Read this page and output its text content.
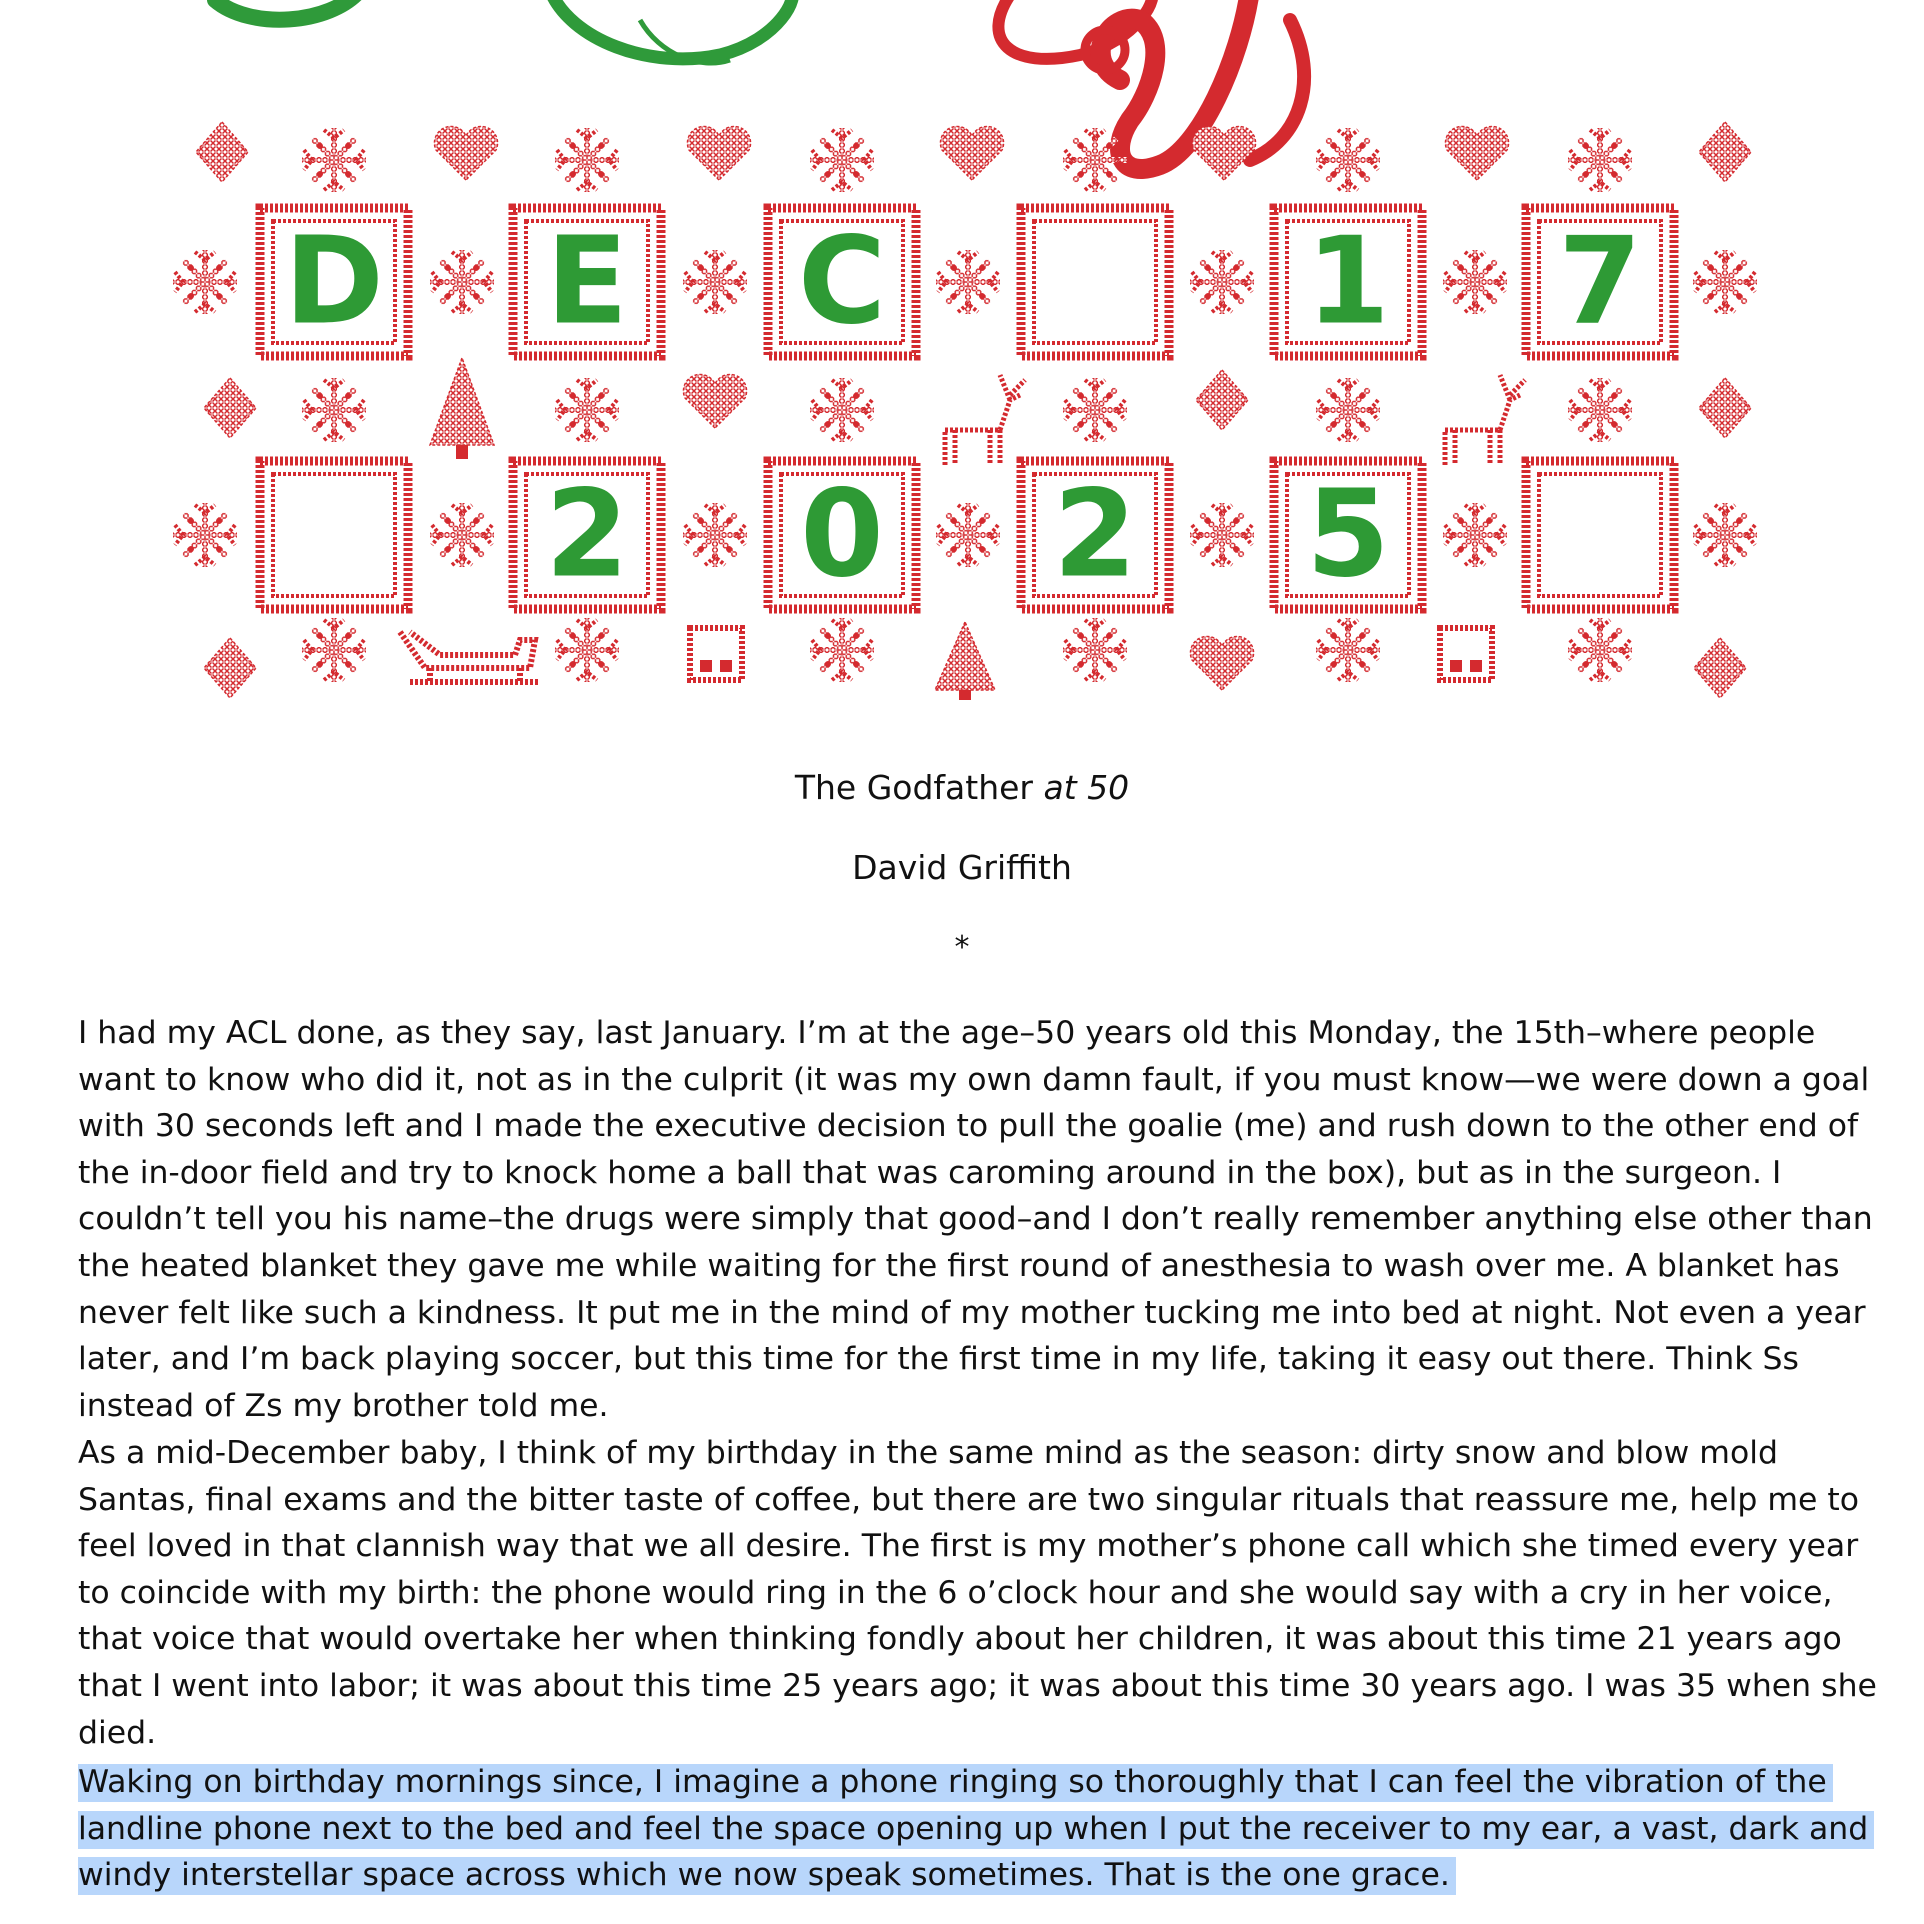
D E C	1 7
2 0 2 5
The Godfather at 50
David Griffith
*
I had my ACL done, as they say, last January. I’m at the age–50 years old this Monday, the 15th–where people want to know who did it, not as in the culprit (it was my own damn fault, if you must know—we were down a goal with 30 seconds left and I made the executive decision to pull the goalie (me) and rush down to the other end of the in-door field and try to knock home a ball that was caroming around in the box), but as in the surgeon. I couldn’t tell you his name–the drugs were simply that good–and I don’t really remember anything else other than the heated blanket they gave me while waiting for the first round of anesthesia to wash over me. A blanket has never felt like such a kindness. It put me in the mind of my mother tucking me into bed at night. Not even a year later, and I’m back playing soccer, but this time for the first time in my life, taking it easy out there. Think Ss instead of Zs my brother told me.
As a mid-December baby, I think of my birthday in the same mind as the season: dirty snow and blow mold Santas, final exams and the bitter taste of coffee, but there are two singular rituals that reassure me, help me to feel loved in that clannish way that we all desire. The first is my mother’s phone call which she timed every year to coincide with my birth: the phone would ring in the 6 o’clock hour and she would say with a cry in her voice, that voice that would overtake her when thinking fondly about her children, it was about this time 21 years ago that I went into labor; it was about this time 25 years ago; it was about this time 30 years ago. I was 35 when she died.
Waking on birthday mornings since, I imagine a phone ringing so thoroughly that I can feel the vibration of the landline phone next to the bed and feel the space opening up when I put the receiver to my ear, a vast, dark and windy interstellar space across which we now speak sometimes. That is the one grace.
